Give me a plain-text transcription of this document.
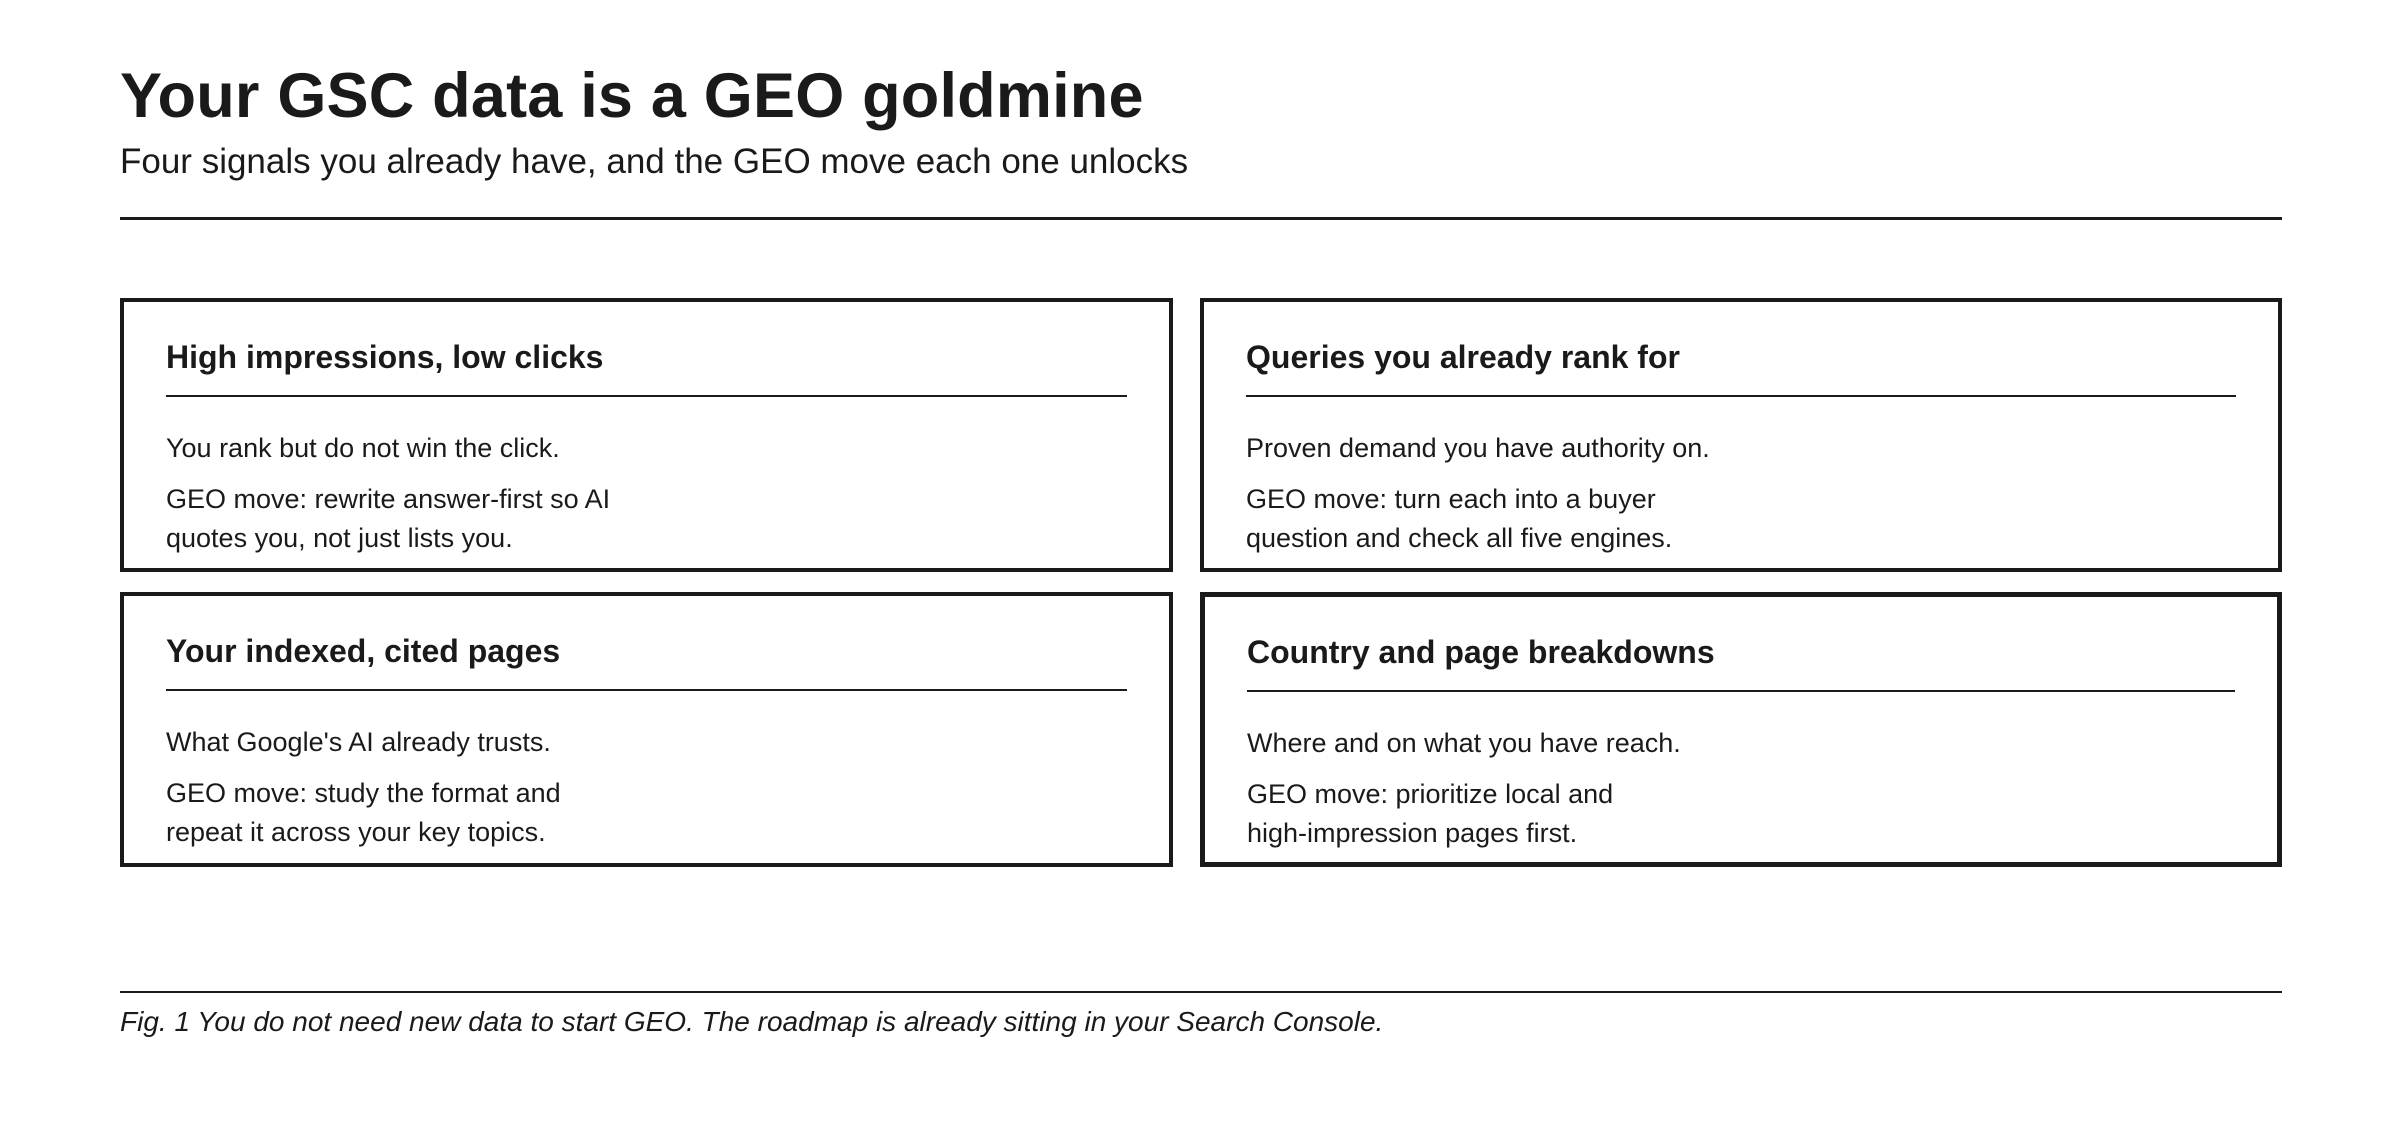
Your GSC data is a GEO goldmine

Four signals you already have, and the GEO move each one unlocks

High impressions, low clicks

You rank but do not win the click.

GEO move: rewrite answer-first so AI
quotes you, not just lists you.

Queries you already rank for

Proven demand you have authority on.

GEO move: turn each into a buyer
question and check all five engines.

Your indexed, cited pages

What Google's AI already trusts.

GEO move: study the format and
repeat it across your key topics.

Country and page breakdowns

Where and on what you have reach.

GEO move: prioritize local and
high-impression pages first.

Fig. 1 You do not need new data to start GEO. The roadmap is already sitting in your Search Console.
